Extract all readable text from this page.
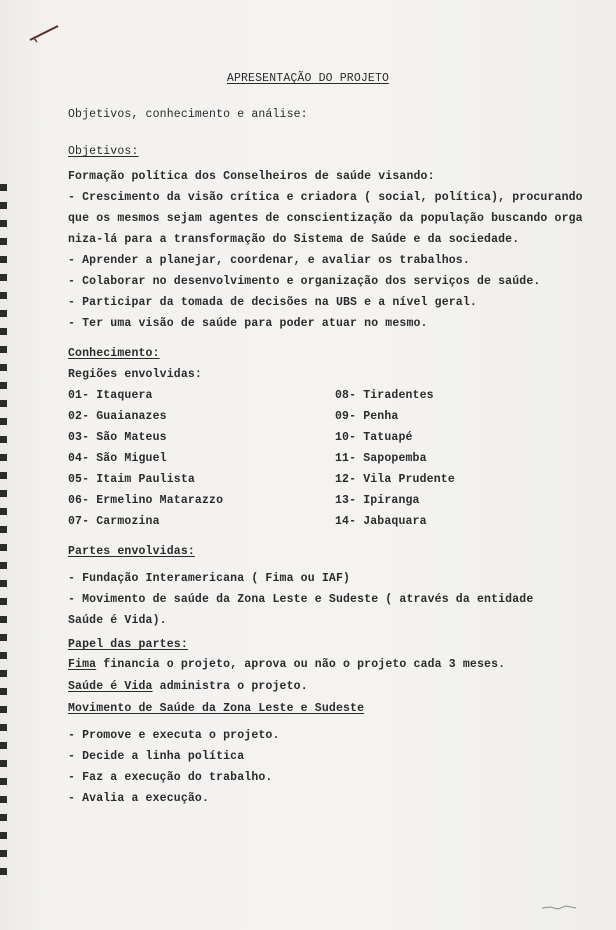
APRESENTAÇÃO DO PROJETO
Objetivos, conhecimento e análise:
Objetivos:
Formação política dos Conselheiros de saúde visando:
- Crescimento da visão crítica e criadora ( social, política), procurando
que os mesmos sejam agentes de conscientização da população buscando orga
niza-lá para a transformação do Sistema de Saúde e da sociedade.
- Aprender a planejar, coordenar, e avaliar os trabalhos.
- Colaborar no desenvolvimento e organização dos serviços de saúde.
- Participar da tomada de decisões na UBS e a nível geral.
- Ter uma visão de saúde para poder atuar no mesmo.
Conhecimento:
Regiões envolvidas:
01- Itaquera
02- Guaianazes
03- São Mateus
04- São Miguel
05- Itaim Paulista
06- Ermelino Matarazzo
07- Carmozina
08- Tiradentes
09- Penha
10- Tatuapé
11- Sapopemba
12- Vila Prudente
13- Ipiranga
14- Jabaquara
Partes envolvidas:
- Fundação Interamericana ( Fima ou IAF)
- Movimento de saúde da Zona Leste e Sudeste ( através da entidade
Saúde é Vida).
Papel das partes:
Fima financia o projeto, aprova ou não o projeto cada 3 meses.
Saúde é Vida administra o projeto.
Movimento de Saúde da Zona Leste e Sudeste
- Promove e executa o projeto.
- Decide a linha política
- Faz a execução do trabalho.
- Avalia a execução.
